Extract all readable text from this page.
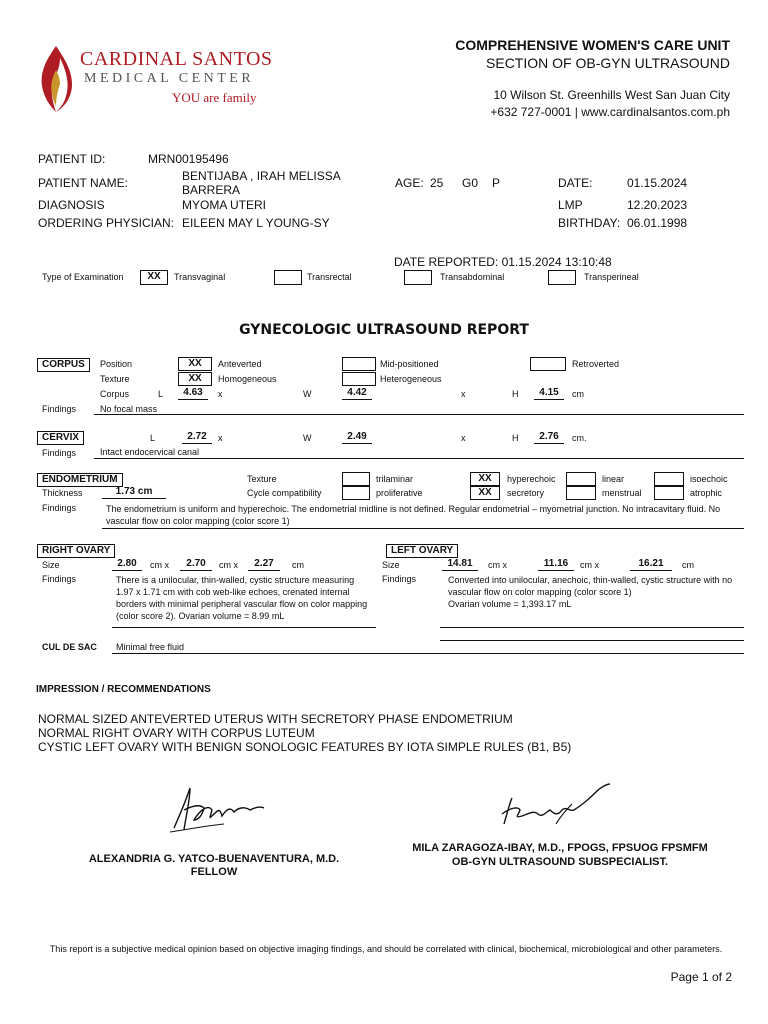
CARDINAL SANTOS
MEDICAL CENTER
YOU are family
COMPREHENSIVE WOMEN'S CARE UNIT
SECTION OF OB-GYN ULTRASOUND
10 Wilson St. Greenhills West San Juan City
+632 727-0001 | www.cardinalsantos.com.ph
PATIENT ID:	MRN00195496
PATIENT NAME:	BENTIJABA , IRAH MELISSA
BARRERA
DIAGNOSIS	MYOMA UTERI
ORDERING PHYSICIAN: EILEEN MAY L YOUNG-SY
AGE: 25 G0 P	DATE:	01.15.2024
LMP	12.20.2023
BIRTHDAY: 06.01.1998
DATE REPORTED: 01.15.2024 13:10:48
Type of Examination	XX	Transvaginal	Transrectal	Transabdominal	Transperineal
GYNECOLOGIC ULTRASOUND REPORT
CORPUS	Position	XX	Anteverted	Mid-positioned	Retroverted
Texture	XX	Homogeneous	Heterogeneous
Corpus	L	4.63	x	W	4.42	x	H	4.15	cm
Findings	No focal mass
CERVIX	L	2.72	x	W	2.49	x	H	2.76	cm.
Findings	Intact endocervical canal
ENDOMETRIUM	Texture	trilaminar	XX	hyperechoic	linear	isoechoic
Thickness	1.73 cm	Cycle compatibility	proliferative	XX	secretory	menstrual	atrophic
Findings	The endometrium is uniform and hyperechoic. The endometrial midline is not defined. Regular endometrial – myometrial junction. No intracavitary fluid. No vascular flow on color mapping (color score 1)
RIGHT OVARY
Size	2.80	cm x	2.70	cm x	2.27	cm
Findings	There is a unilocular, thin-walled, cystic structure measuring 1.97 x 1.71 cm with cob web-like echoes, crenated internal borders with minimal peripheral vascular flow on color mapping (color score 2). Ovarian volume = 8.99 mL
LEFT OVARY
Size	14.81	cm x	11.16	cm x	16.21	cm
Findings	Converted into unilocular, anechoic, thin-walled, cystic structure with no vascular flow on color mapping (color score 1)
Ovarian volume = 1,393.17 mL
CUL DE SAC Minimal free fluid
IMPRESSION / RECOMMENDATIONS
NORMAL SIZED ANTEVERTED UTERUS WITH SECRETORY PHASE ENDOMETRIUM
NORMAL RIGHT OVARY WITH CORPUS LUTEUM
CYSTIC LEFT OVARY WITH BENIGN SONOLOGIC FEATURES BY IOTA SIMPLE RULES (B1, B5)
ALEXANDRIA G. YATCO-BUENAVENTURA, M.D.
FELLOW
MILA ZARAGOZA-IBAY, M.D., FPOGS, FPSUOG FPSMFM
OB-GYN ULTRASOUND SUBSPECIALIST.
This report is a subjective medical opinion based on objective imaging findings, and should be correlated with clinical, biochemical, microbiological and other parameters.
Page 1 of 2
